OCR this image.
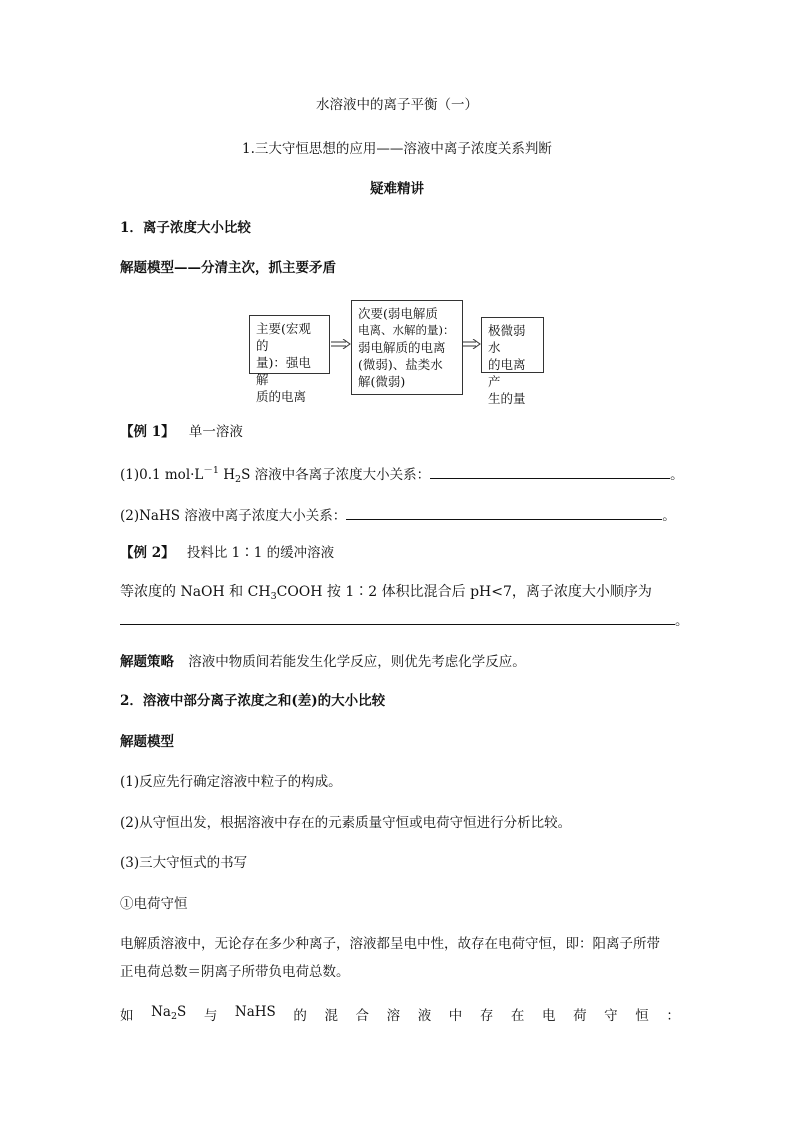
水溶液中的离子平衡（一）
1.三大守恒思想的应用——溶液中离子浓度关系判断
疑难精讲
1．离子浓度大小比较
解题模型——分清主次，抓主要矛盾
主要(宏观的
量)：强电解
质的电离
次要(弱电解质
电离、水解的量)：
弱电解质的电离
(微弱)、盐类水
解(微弱)
极微弱水
的电离产
生的量
【例 1】 单一溶液
(1)0.1 $mol\cdot L^{-1}$ $H_2S$ 溶液中各离子浓度大小关系：	。
(2)NaHS 溶液中离子浓度大小关系：	。
【例 2】 投料比 1∶1 的缓冲溶液
等浓度的 NaOH 和 $CH_3COOH$ 按 1∶2 体积比混合后 pH<7，离子浓度大小顺序为
。
解题策略 溶液中物质间若能发生化学反应，则优先考虑化学反应。
2．溶液中部分离子浓度之和(差)的大小比较
解题模型
(1)反应先行确定溶液中粒子的构成。
(2)从守恒出发，根据溶液中存在的元素质量守恒或电荷守恒进行分析比较。
(3)三大守恒式的书写
①电荷守恒
电解质溶液中，无论存在多少种离子，溶液都呈电中性，故存在电荷守恒，即：阳离子所带
正电荷总数＝阴离子所带负电荷总数。
如 $Na_2S$ 与 NaHS 的 混 合 溶 液 中 存 在 电 荷 守 恒 ：
